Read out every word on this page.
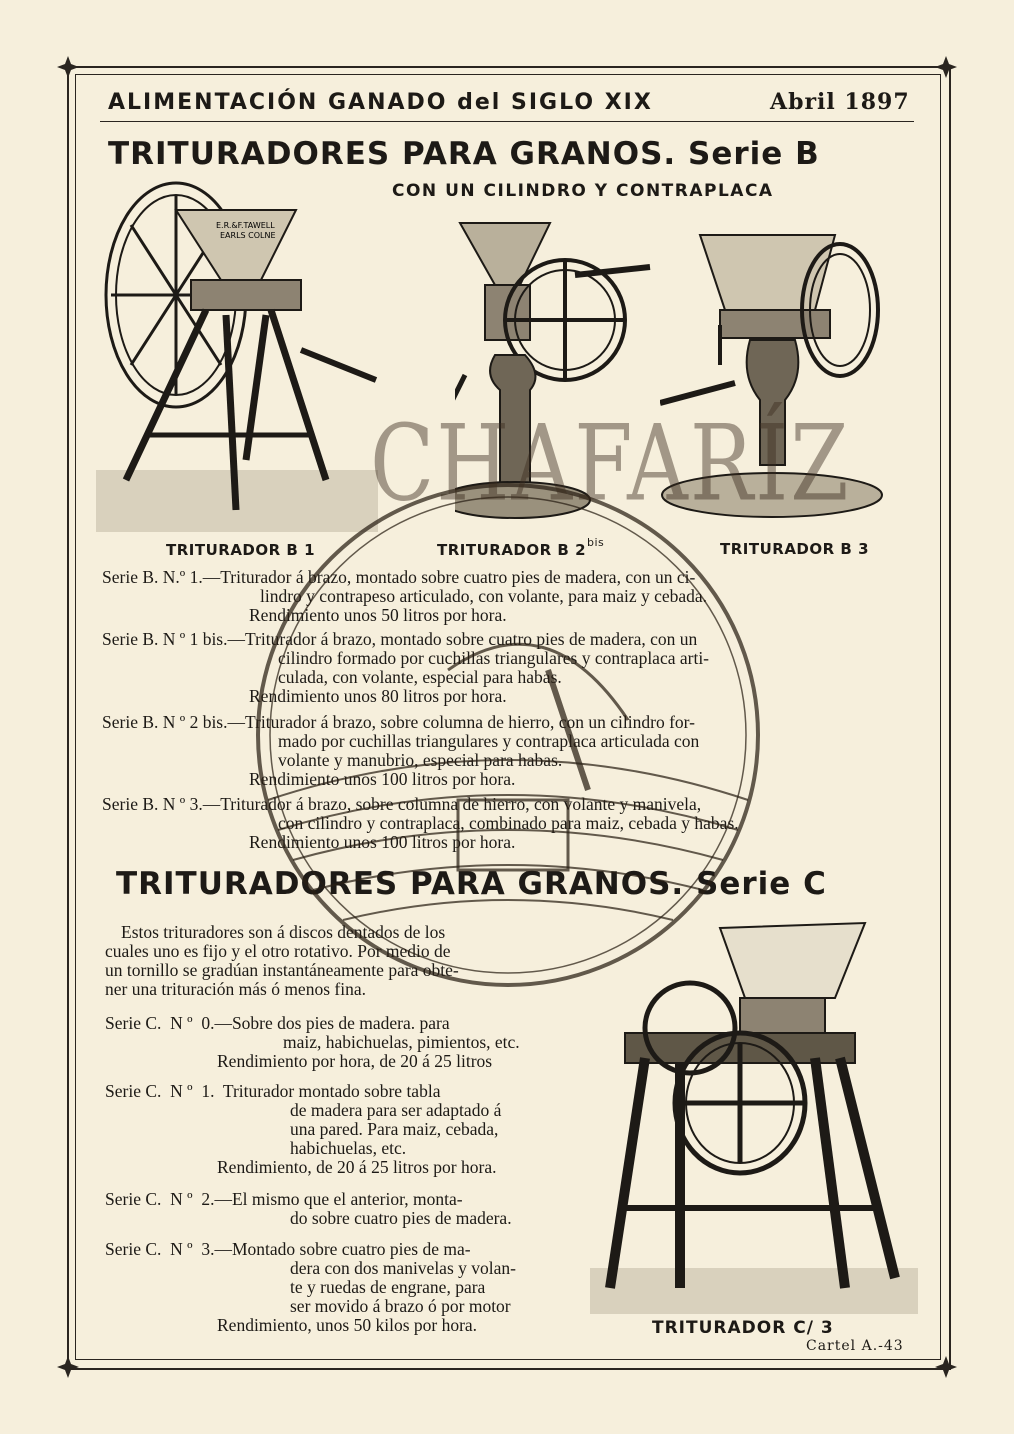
ALIMENTACIÓN GANADO del SIGLO XIX	Abril 1897
TRITURADORES PARA GRANOS. Serie B
CON UN CILINDRO Y CONTRAPLACA
E.R.&F.TAWELL
EARLS COLNE
TRITURADOR B 1	TRITURADOR B 2 bis	TRITURADOR B 3
Serie B. N.º 1.—Triturador á brazo, montado sobre cuatro pies de madera, con un ci-
lindro y contrapeso articulado, con volante, para maiz y cebada.
Rendimiento unos 50 litros por hora.
Serie B. N º 1 bis.—Triturador á brazo, montado sobre cuatro pies de madera, con un
cilindro formado por cuchillas triangulares y contraplaca arti-
culada, con volante, especial para habas.
Rendimiento unos 80 litros por hora.
Serie B. N º 2 bis.—Triturador á brazo, sobre columna de hierro, con un cilindro for-
mado por cuchillas triangulares y contraplaca articulada con
volante y manubrio, especial para habas.
Rendimiento unos 100 litros por hora.
Serie B. N º 3.—Triturador á brazo, sobre columna de hierro, con volante y manivela,
con cilindro y contraplaca, combinado para maiz, cebada y habas.
Rendimiento unos 100 litros por hora.
TRITURADORES PARA GRANOS. Serie C
Estos trituradores son á discos dentados de los
cuales uno es fijo y el otro rotativo. Por medio de
un tornillo se gradúan instantáneamente para obte-
ner una trituración más ó menos fina.
Serie C.  N º  0.—Sobre dos pies de madera. para
maiz, habichuelas, pimientos, etc.
Rendimiento por hora, de 20 á 25 litros
Serie C.  N º  1.  Triturador montado sobre tabla
de madera para ser adaptado á
una pared. Para maiz, cebada,
habichuelas, etc.
Rendimiento, de 20 á 25 litros por hora.
Serie C.  N º  2.—El mismo que el anterior, monta-
do sobre cuatro pies de madera.
Serie C.  N º  3.—Montado sobre cuatro pies de ma-
dera con dos manivelas y volan-
te y ruedas de engrane, para
ser movido á brazo ó por motor
Rendimiento, unos 50 kilos por hora.	TRITURADOR C/ 3
CHAFARÍZ
Cartel A.-43
